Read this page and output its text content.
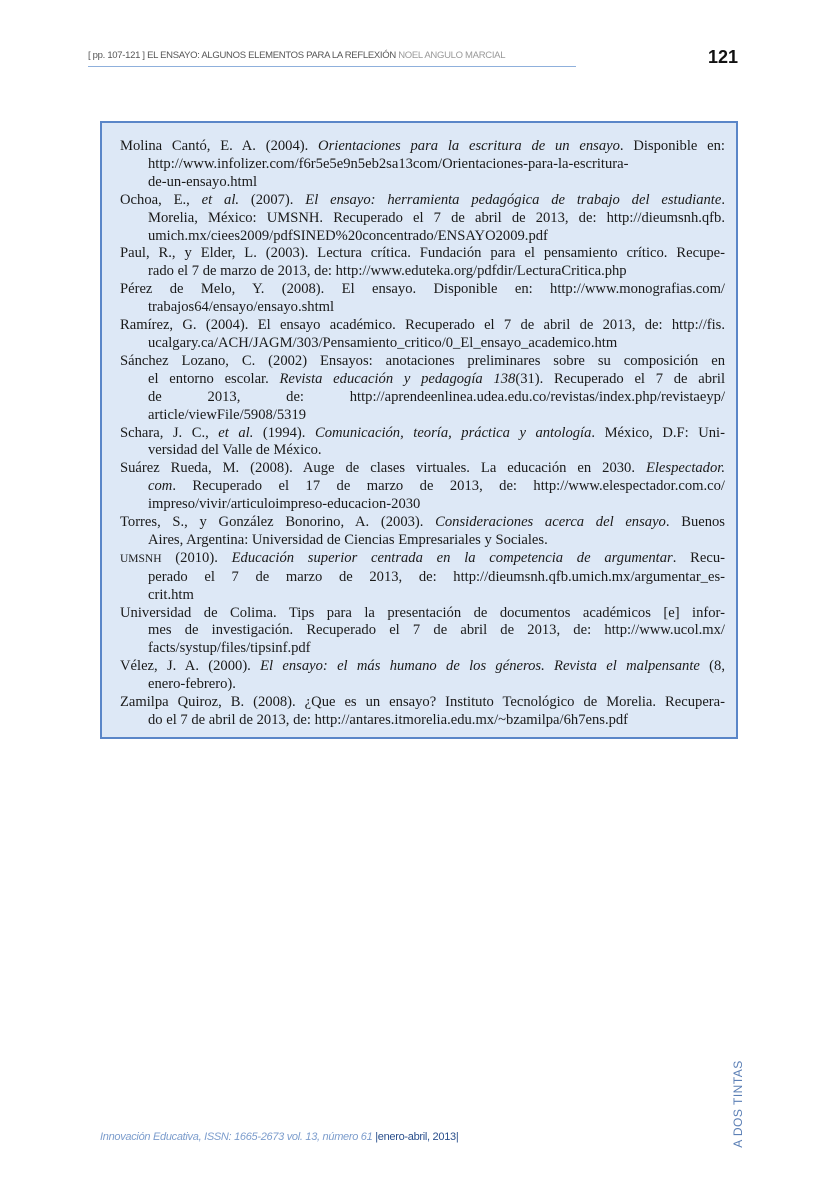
[ pp. 107-121 ] EL ENSAYO: ALGUNOS ELEMENTOS PARA LA REFLEXIÓN NOEL ANGULO MARCIAL	121
Molina Cantó, E. A. (2004). Orientaciones para la escritura de un ensayo. Disponible en:
http://www.infolizer.com/f6r5e5e9n5eb2sa13com/Orientaciones-para-la-escritura-
de-un-ensayo.html
Ochoa, E., et al. (2007). El ensayo: herramienta pedagógica de trabajo del estudiante.
Morelia, México: UMSNH. Recuperado el 7 de abril de 2013, de: http://dieumsnh.qfb.
umich.mx/ciees2009/pdfSINED%20concentrado/ENSAYO2009.pdf
Paul, R., y Elder, L. (2003). Lectura crítica. Fundación para el pensamiento crítico. Recupe-
rado el 7 de marzo de 2013, de: http://www.eduteka.org/pdfdir/LecturaCritica.php
Pérez de Melo, Y. (2008). El ensayo. Disponible en: http://www.monografias.com/
trabajos64/ensayo/ensayo.shtml
Ramírez, G. (2004). El ensayo académico. Recuperado el 7 de abril de 2013, de: http://fis.
ucalgary.ca/ACH/JAGM/303/Pensamiento_critico/0_El_ensayo_academico.htm
Sánchez Lozano, C. (2002) Ensayos: anotaciones preliminares sobre su composición en
el entorno escolar. Revista educación y pedagogía 138(31). Recuperado el 7 de abril
de 2013, de: http://aprendeenlinea.udea.edu.co/revistas/index.php/revistaeyp/
article/viewFile/5908/5319
Schara, J. C., et al. (1994). Comunicación, teoría, práctica y antología. México, D.F: Uni-
versidad del Valle de México.
Suárez Rueda, M. (2008). Auge de clases virtuales. La educación en 2030. Elespectador.
com. Recuperado el 17 de marzo de 2013, de: http://www.elespectador.com.co/
impreso/vivir/articuloimpreso-educacion-2030
Torres, S., y González Bonorino, A. (2003). Consideraciones acerca del ensayo. Buenos
Aires, Argentina: Universidad de Ciencias Empresariales y Sociales.
UMSNH (2010). Educación superior centrada en la competencia de argumentar. Recu-
perado el 7 de marzo de 2013, de: http://dieumsnh.qfb.umich.mx/argumentar_es-
crit.htm
Universidad de Colima. Tips para la presentación de documentos académicos [e] infor-
mes de investigación. Recuperado el 7 de abril de 2013, de: http://www.ucol.mx/
facts/systup/files/tipsinf.pdf
Vélez, J. A. (2000). El ensayo: el más humano de los géneros. Revista el malpensante (8,
enero-febrero).
Zamilpa Quiroz, B. (2008). ¿Que es un ensayo? Instituto Tecnológico de Morelia. Recupera-
do el 7 de abril de 2013, de: http://antares.itmorelia.edu.mx/~bzamilpa/6h7ens.pdf
Innovación Educativa, ISSN: 1665-2673 vol. 13, número 61 |enero-abril, 2013|	A DOS TINTAS
